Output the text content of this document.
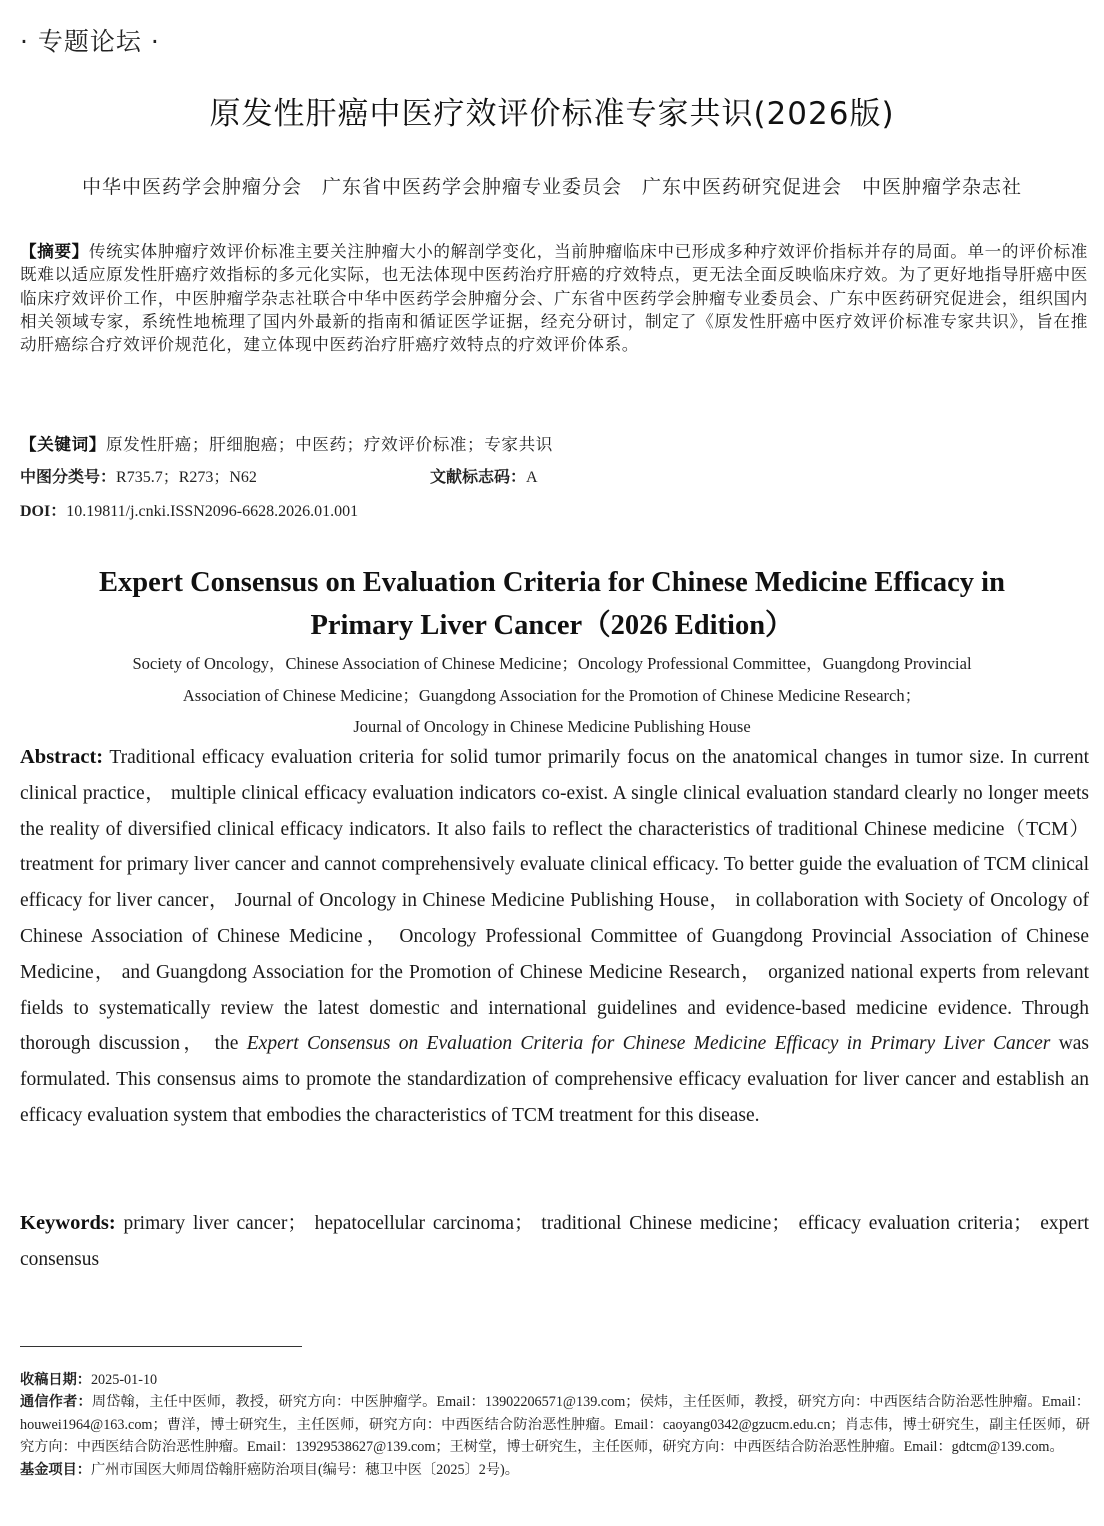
· 专题论坛 ·
原发性肝癌中医疗效评价标准专家共识(2026版)
中华中医药学会肿瘤分会　广东省中医药学会肿瘤专业委员会　广东中医药研究促进会　中医肿瘤学杂志社
【摘要】传统实体肿瘤疗效评价标准主要关注肿瘤大小的解剖学变化，当前肿瘤临床中已形成多种疗效评价指标并存的局面。单一的评价标准既难以适应原发性肝癌疗效指标的多元化实际，也无法体现中医药治疗肝癌的疗效特点，更无法全面反映临床疗效。为了更好地指导肝癌中医临床疗效评价工作，中医肿瘤学杂志社联合中华中医药学会肿瘤分会、广东省中医药学会肿瘤专业委员会、广东中医药研究促进会，组织国内相关领域专家，系统性地梳理了国内外最新的指南和循证医学证据，经充分研讨，制定了《原发性肝癌中医疗效评价标准专家共识》，旨在推动肝癌综合疗效评价规范化，建立体现中医药治疗肝癌疗效特点的疗效评价体系。
【关键词】原发性肝癌；肝细胞癌；中医药；疗效评价标准；专家共识
中图分类号：R735.7；R273；N62	文献标志码：A
DOI：10.19811/j.cnki.ISSN2096-6628.2026.01.001
Expert Consensus on Evaluation Criteria for Chinese Medicine Efficacy in
Primary Liver Cancer（2026 Edition）
Society of Oncology，Chinese Association of Chinese Medicine；Oncology Professional Committee，Guangdong Provincial
Association of Chinese Medicine；Guangdong Association for the Promotion of Chinese Medicine Research；
Journal of Oncology in Chinese Medicine Publishing House
Abstract: Traditional efficacy evaluation criteria for solid tumor primarily focus on the anatomical changes in tumor size. In current clinical practice， multiple clinical efficacy evaluation indicators co-exist. A single clinical evaluation standard clearly no longer meets the reality of diversified clinical efficacy indicators. It also fails to reflect the characteristics of traditional Chinese medicine（TCM）treatment for primary liver cancer and cannot comprehensively evaluate clinical efficacy. To better guide the evaluation of TCM clinical efficacy for liver cancer， Journal of Oncology in Chinese Medicine Publishing House， in collaboration with Society of Oncology of Chinese Association of Chinese Medicine， Oncology Professional Committee of Guangdong Provincial Association of Chinese Medicine， and Guangdong Association for the Promotion of Chinese Medicine Research， organized national experts from relevant fields to systematically review the latest domestic and international guidelines and evidence-based medicine evidence. Through thorough discussion， the Expert Consensus on Evaluation Criteria for Chinese Medicine Efficacy in Primary Liver Cancer was formulated. This consensus aims to promote the standardization of comprehensive efficacy evaluation for liver cancer and establish an efficacy evaluation system that embodies the characteristics of TCM treatment for this disease.
Keywords: primary liver cancer； hepatocellular carcinoma； traditional Chinese medicine； efficacy evaluation criteria； expert consensus

收稿日期：2025-01-10

通信作者：周岱翰，主任中医师，教授，研究方向：中医肿瘤学。Email：13902206571@139.com；侯炜，主任医师，教授，研究方向：中西医结合防治恶性肿瘤。Email：houwei1964@163.com；曹洋，博士研究生，主任医师，研究方向：中西医结合防治恶性肿瘤。Email：caoyang0342@gzucm.edu.cn；肖志伟，博士研究生，副主任医师，研究方向：中西医结合防治恶性肿瘤。Email：13929538627@139.com；王树堂，博士研究生，主任医师，研究方向：中西医结合防治恶性肿瘤。Email：gdtcm@139.com。

基金项目：广州市国医大师周岱翰肝癌防治项目(编号：穗卫中医〔2025〕2号)。
